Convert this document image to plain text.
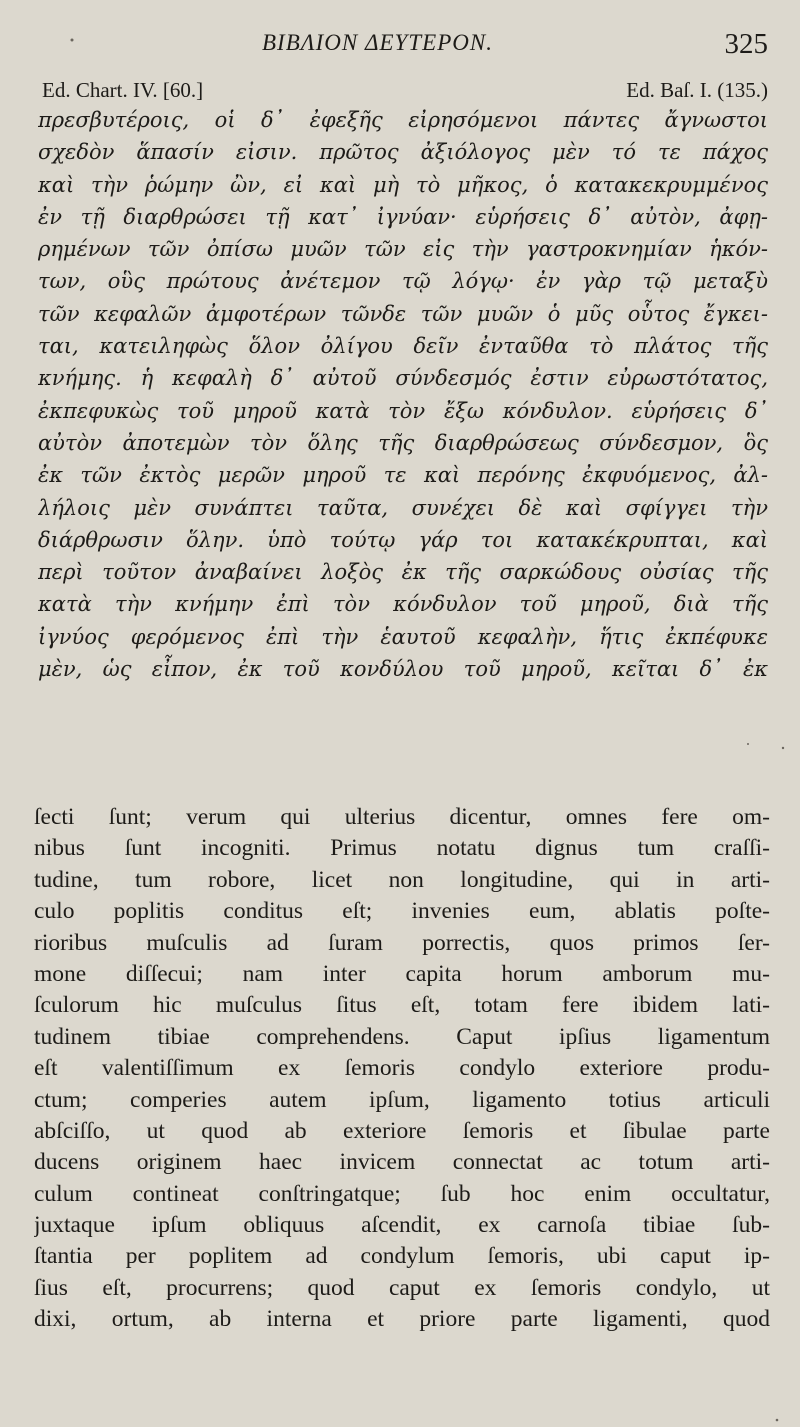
BIBΛION ΔEYTEPON.	325
Ed. Chart. IV. [60.]	Ed. Baſ. I. (135.)
πρεσβυτέροις, οἱ δ᾽ ἐφεξῆς εἰρησόμενοι πάντες ἄγνωστοι
σχεδὸν ἅπασίν εἰσιν. πρῶτος ἀξιόλογος μὲν τό τε πάχος
καὶ τὴν ῥώμην ὢν, εἰ καὶ μὴ τὸ μῆκος, ὁ κατακεκρυμμένος
ἐν τῇ διαρθρώσει τῇ κατ᾽ ἰγνύαν· εὑρήσεις δ᾽ αὐτὸν, ἀφῃ-
ρημένων τῶν ὀπίσω μυῶν τῶν εἰς τὴν γαστροκνημίαν ἡκόν-
των, οὓς πρώτους ἀνέτεμον τῷ λόγῳ· ἐν γὰρ τῷ μεταξὺ
τῶν κεφαλῶν ἀμφοτέρων τῶνδε τῶν μυῶν ὁ μῦς οὗτος ἔγκει-
ται, κατειληφὼς ὅλον ὀλίγου δεῖν ἐνταῦθα τὸ πλάτος τῆς
κνήμης. ἡ κεφαλὴ δ᾽ αὐτοῦ σύνδεσμός ἐστιν εὐρωστότατος,
ἐκπεφυκὼς τοῦ μηροῦ κατὰ τὸν ἔξω κόνδυλον. εὑρήσεις δ᾽
αὐτὸν ἀποτεμὼν τὸν ὅλης τῆς διαρθρώσεως σύνδεσμον, ὃς
ἐκ τῶν ἐκτὸς μερῶν μηροῦ τε καὶ περόνης ἐκφυόμενος, ἀλ-
λήλοις μὲν συνάπτει ταῦτα, συνέχει δὲ καὶ σφίγγει τὴν
διάρθρωσιν ὅλην. ὑπὸ τούτῳ γάρ τοι κατακέκρυπται, καὶ
περὶ τοῦτον ἀναβαίνει λοξὸς ἐκ τῆς σαρκώδους οὐσίας τῆς
κατὰ τὴν κνήμην ἐπὶ τὸν κόνδυλον τοῦ μηροῦ, διὰ τῆς
ἰγνύος φερόμενος ἐπὶ τὴν ἑαυτοῦ κεφαλὴν, ἥτις ἐκπέφυκε
μὲν, ὡς εἶπον, ἐκ τοῦ κονδύλου τοῦ μηροῦ, κεῖται δ᾽ ἐκ
ſecti ſunt; verum qui ulterius dicentur, omnes fere om-
nibus ſunt incogniti. Primus notatu dignus tum craſſi-
tudine, tum robore, licet non longitudine, qui in arti-
culo poplitis conditus eſt; invenies eum, ablatis poſte-
rioribus muſculis ad ſuram porrectis, quos primos ſer-
mone diſſecui; nam inter capita horum amborum mu-
ſculorum hic muſculus ſitus eſt, totam fere ibidem lati-
tudinem tibiae comprehendens. Caput ipſius ligamentum
eſt valentiſſimum ex ſemoris condylo exteriore produ-
ctum; comperies autem ipſum, ligamento totius articuli
abſciſſo, ut quod ab exteriore ſemoris et ſibulae parte
ducens originem haec invicem connectat ac totum arti-
culum contineat conſtringatque; ſub hoc enim occultatur,
juxtaque ipſum obliquus aſcendit, ex carnoſa tibiae ſub-
ſtantia per poplitem ad condylum ſemoris, ubi caput ip-
ſius eſt, procurrens; quod caput ex ſemoris condylo, ut
dixi, ortum, ab interna et priore parte ligamenti, quod
